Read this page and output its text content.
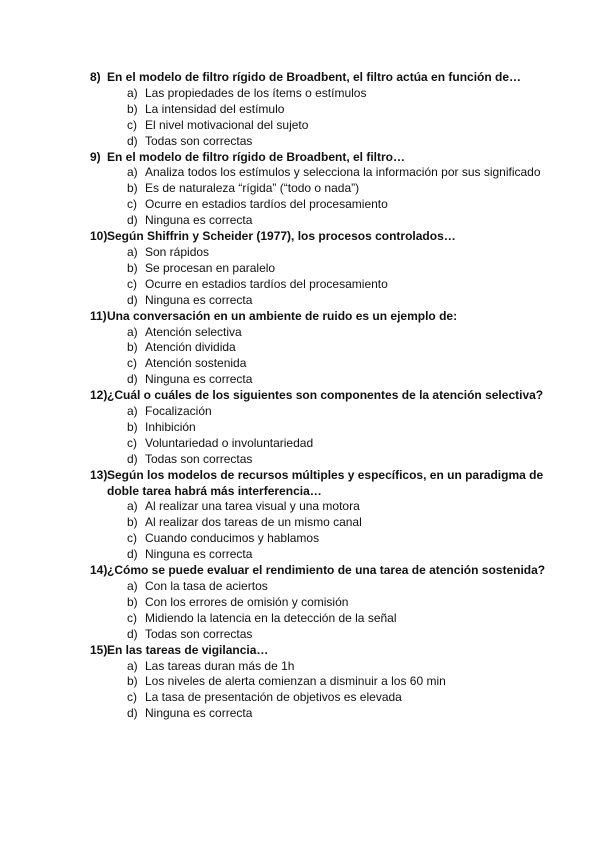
8) En el modelo de filtro rígido de Broadbent, el filtro actúa en función de…
a) Las propiedades de los ítems o estímulos
b) La intensidad del estímulo
c) El nivel motivacional del sujeto
d) Todas son correctas
9) En el modelo de filtro rígido de Broadbent, el filtro…
a) Analiza todos los estímulos y selecciona la información por sus significado
b) Es de naturaleza “rígida” (“todo o nada”)
c) Ocurre en estadios tardíos del procesamiento
d) Ninguna es correcta
10) Según Shiffrin y Scheider (1977), los procesos controlados…
a) Son rápidos
b) Se procesan en paralelo
c) Ocurre en estadios tardíos del procesamiento
d) Ninguna es correcta
11) Una conversación en un ambiente de ruido es un ejemplo de:
a) Atención selectiva
b) Atención dividida
c) Atención sostenida
d) Ninguna es correcta
12) ¿Cuál o cuáles de los siguientes son componentes de la atención selectiva?
a) Focalización
b) Inhibición
c) Voluntariedad o involuntariedad
d) Todas son correctas
13) Según los modelos de recursos múltiples y específicos, en un paradigma de doble tarea habrá más interferencia…
a) Al realizar una tarea visual y una motora
b) Al realizar dos tareas de un mismo canal
c) Cuando conducimos y hablamos
d) Ninguna es correcta
14) ¿Cómo se puede evaluar el rendimiento de una tarea de atención sostenida?
a) Con la tasa de aciertos
b) Con los errores de omisión y comisión
c) Midiendo la latencia en la detección de la señal
d) Todas son correctas
15) En las tareas de vigilancia…
a) Las tareas duran más de 1h
b) Los niveles de alerta comienzan a disminuir a los 60 min
c) La tasa de presentación de objetivos es elevada
d) Ninguna es correcta
